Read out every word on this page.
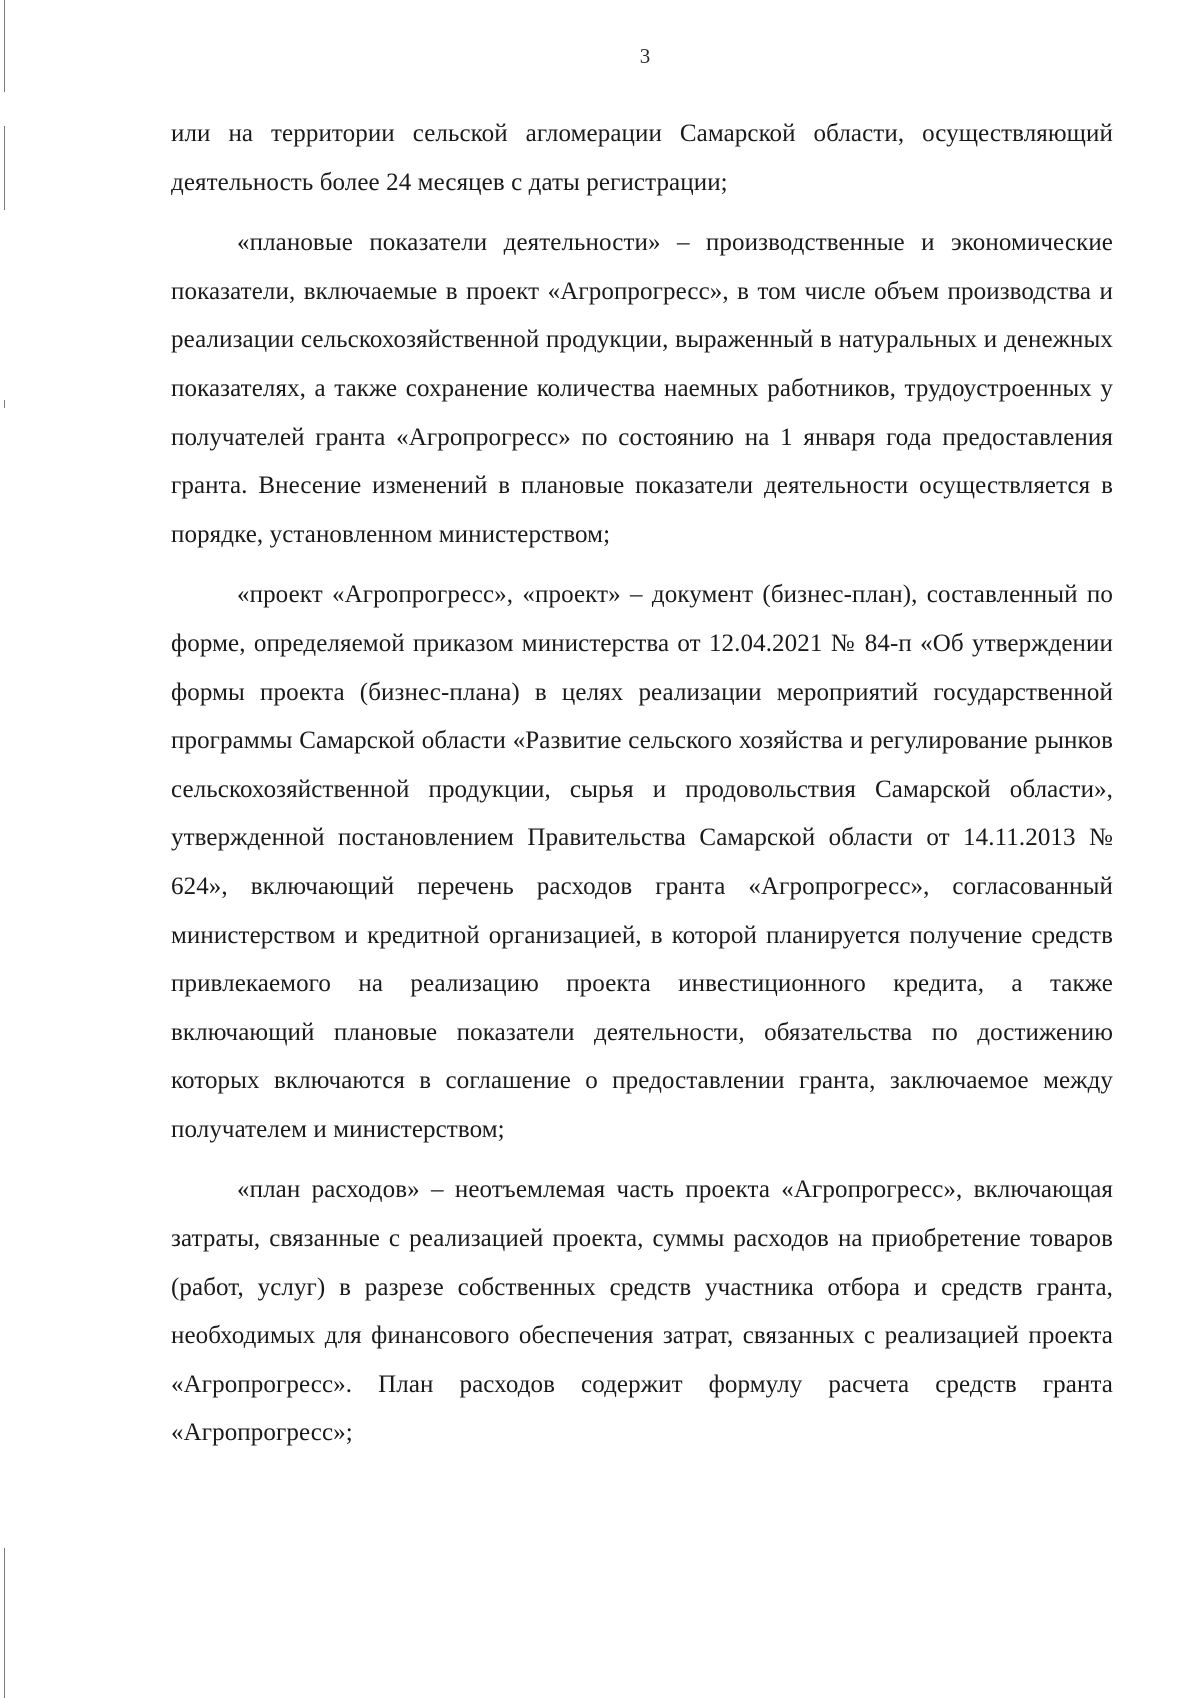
3

или на территории сельской агломерации Самарской области, осуществляющий деятельность более 24 месяцев с даты регистрации;

«плановые показатели деятельности» – производственные и экономические показатели, включаемые в проект «Агропрогресс», в том числе объем производства и реализации сельскохозяйственной продукции, выраженный в натуральных и денежных показателях, а также сохранение количества наемных работников, трудоустроенных у получателей гранта «Агропрогресс» по состоянию на 1 января года предоставления гранта. Внесение изменений в плановые показатели деятельности осуществляется в порядке, установленном министерством;

«проект «Агропрогресс», «проект» – документ (бизнес-план), составленный по форме, определяемой приказом министерства от 12.04.2021 № 84-п «Об утверждении формы проекта (бизнес-плана) в целях реализации мероприятий государственной программы Самарской области «Развитие сельского хозяйства и регулирование рынков сельскохозяйственной продукции, сырья и продовольствия Самарской области», утвержденной постановлением Правительства Самарской области от 14.11.2013 № 624», включающий перечень расходов гранта «Агропрогресс», согласованный министерством и кредитной организацией, в которой планируется получение средств привлекаемого на реализацию проекта инвестиционного кредита, а также включающий плановые показатели деятельности, обязательства по достижению которых включаются в соглашение о предоставлении гранта, заключаемое между получателем и министерством;

«план расходов» – неотъемлемая часть проекта «Агропрогресс», включающая затраты, связанные с реализацией проекта, суммы расходов на приобретение товаров (работ, услуг) в разрезе собственных средств участника отбора и средств гранта, необходимых для финансового обеспечения затрат, связанных с реализацией проекта «Агропрогресс». План расходов содержит формулу расчета средств гранта «Агропрогресс»;
